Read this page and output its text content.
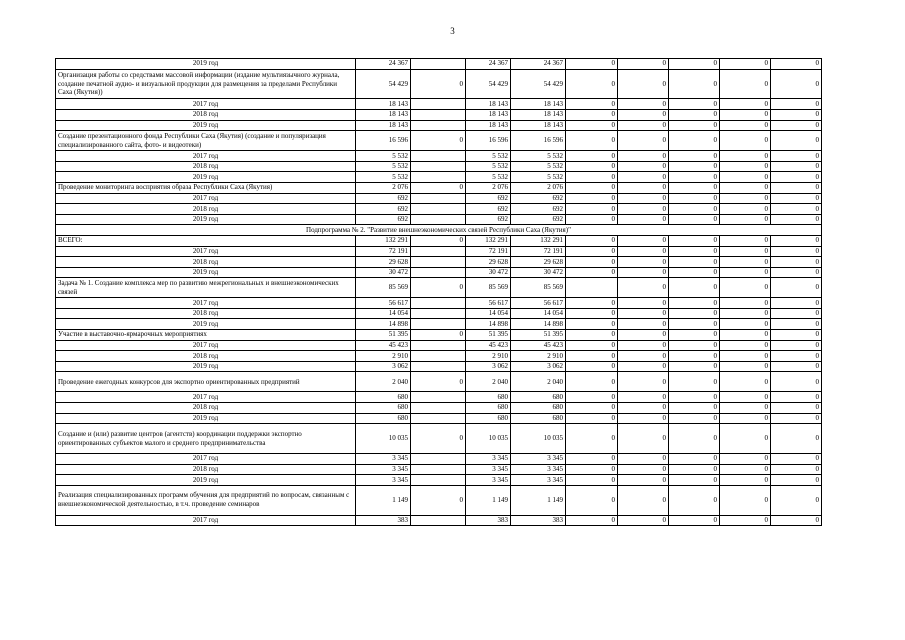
3
2019 год	24 367		24 367	24 367	0	0	0	0	0
Организация работы со средствами массовой информации (издание мультиязычного журнала, создание печатной аудио- и визуальной продукции для размещения за пределами Республики Саха (Якутия))	54 429	0	54 429	54 429	0	0	0	0	0
2017 год	18 143		18 143	18 143	0	0	0	0	0
2018 год	18 143		18 143	18 143	0	0	0	0	0
2019 год	18 143		18 143	18 143	0	0	0	0	0
Создание презентационного фонда Республики Саха (Якутия) (создание и популяризация специализированного сайта, фото- и видеотеки)	16 596	0	16 596	16 596	0	0	0	0	0
2017 год	5 532		5 532	5 532	0	0	0	0	0
2018 год	5 532		5 532	5 532	0	0	0	0	0
2019 год	5 532		5 532	5 532	0	0	0	0	0
Проведение мониторинга восприятия образа Республики Саха (Якутия)	2 076	0	2 076	2 076	0	0	0	0	0
2017 год	692		692	692	0	0	0	0	0
2018 год	692		692	692	0	0	0	0	0
2019 год	692		692	692	0	0	0	0	0
Подпрограмма № 2. "Развитие внешнеэкономических связей Республики Саха (Якутия)"									
ВСЕГО:	132 291	0	132 291	132 291	0	0	0	0	0
2017 год	72 191		72 191	72 191	0	0	0	0	0
2018 год	29 628		29 628	29 628	0	0	0	0	0
2019 год	30 472		30 472	30 472	0	0	0	0	0
Задача № 1. Создание комплекса мер по развитию межрегиональных и внешнеэкономических связей	85 569	0	85 569	85 569		0	0	0	0
2017 год	56 617		56 617	56 617	0	0	0	0	0
2018 год	14 054		14 054	14 054	0	0	0	0	0
2019 год	14 898		14 898	14 898	0	0	0	0	0
Участие в выставочно-ярмарочных мероприятиях	51 395	0	51 395	51 395	0	0	0	0	0
2017 год	45 423		45 423	45 423	0	0	0	0	0
2018 год	2 910		2 910	2 910	0	0	0	0	0
2019 год	3 062		3 062	3 062	0	0	0	0	0
Проведение ежегодных конкурсов для экспортно ориентированных предприятий	2 040	0	2 040	2 040	0	0	0	0	0
2017 год	680		680	680	0	0	0	0	0
2018 год	680		680	680	0	0	0	0	0
2019 год	680		680	680	0	0	0	0	0
Создание и (или) развитие центров (агентств) координации поддержки экспортно ориентированных субъектов малого и среднего предпринимательства	10 035	0	10 035	10 035	0	0	0	0	0
2017 год	3 345		3 345	3 345	0	0	0	0	0
2018 год	3 345		3 345	3 345	0	0	0	0	0
2019 год	3 345		3 345	3 345	0	0	0	0	0
Реализация специализированных программ обучения для предприятий по вопросам, связанным с внешнеэкономической деятельностью, в т.ч. проведение семинаров	1 149	0	1 149	1 149	0	0	0	0	0
2017 год	383		383	383	0	0	0	0	0
